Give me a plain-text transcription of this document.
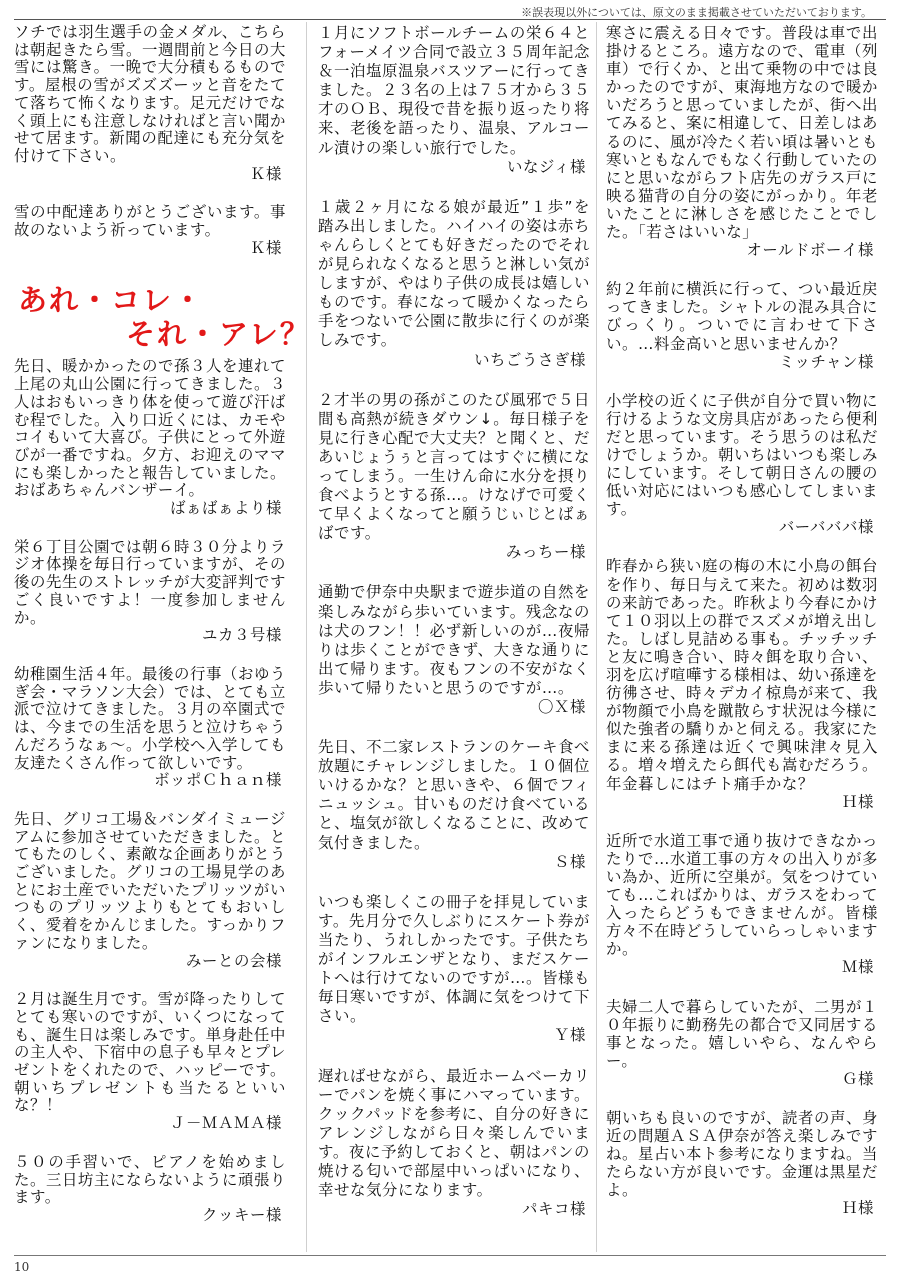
※誤表現以外については、原文のまま掲載させていただいております。
ソチでは羽生選手の金メダル、こちらは朝起きたら雪。一週間前と今日の大雪には驚き。一晩で大分積もるものです。屋根の雪がズズズーッと音をたてて落ちて怖くなります。足元だけでなく頭上にも注意しなければと言い聞かせて居ます。新聞の配達にも充分気を付けて下さい。
Ｋ様
雪の中配達ありがとうございます。事故のないよう祈っています。
Ｋ様
あれ・コレ・
それ・アレ？
先日、暖かかったので孫３人を連れて上尾の丸山公園に行ってきました。３人はおもいっきり体を使って遊び汗ばむ程でした。入り口近くには、カモやコイもいて大喜び。子供にとって外遊びが一番ですね。夕方、お迎えのママにも楽しかったと報告していました。おばあちゃんバンザーイ。
ばぁばぁより様
栄６丁目公園では朝６時３０分よりラジオ体操を毎日行っていますが、その後の先生のストレッチが大変評判ですごく良いですよ！一度参加しませんか。
ユカ３号様
幼稚園生活４年。最後の行事（おゆうぎ会・マラソン大会）では、とても立派で泣けてきました。３月の卒園式では、今までの生活を思うと泣けちゃうんだろうなぁ～。小学校へ入学しても友達たくさん作って欲しいです。
ボッポＣｈａｎ様
先日、グリコ工場＆バンダイミュージアムに参加させていただきました。とてもたのしく、素敵な企画ありがとうございました。グリコの工場見学のあとにお土産でいただいたプリッツがいつものプリッツよりもとてもおいしく、愛着をかんじました。すっかりファンになりました。
みーとの会様
２月は誕生月です。雪が降ったりしてとても寒いのですが、いくつになっても、誕生日は楽しみです。単身赴任中の主人や、下宿中の息子も早々とプレゼントをくれたので、ハッピーです。朝いちプレゼントも当たるといいな？！
Ｊ－ＭＡＭＡ様
５０の手習いで、ピアノを始めました。三日坊主にならないように頑張ります。
クッキー様
１月にソフトボールチームの栄６４とフォーメイツ合同で設立３５周年記念＆一泊塩原温泉バスツアーに行ってきました。２３名の上は７５才から３５才のＯＢ、現役で昔を振り返ったり将来、老後を語ったり、温泉、アルコール漬けの楽しい旅行でした。
いなジィ様
１歳２ヶ月になる娘が最近”１歩”を踏み出しました。ハイハイの姿は赤ちゃんらしくとても好きだったのでそれが見られなくなると思うと淋しい気がしますが、やはり子供の成長は嬉しいものです。春になって暖かくなったら手をつないで公園に散歩に行くのが楽しみです。
いちごうさぎ様
２才半の男の孫がこのたび風邪で５日間も高熱が続きダウン↓。毎日様子を見に行き心配で大丈夫？と聞くと、だあいじょうぅと言ってはすぐに横になってしまう。一生けん命に水分を摂り食べようとする孫…。けなげで可愛くて早くよくなってと願うじぃじとばぁばです。
みっちー様
通勤で伊奈中央駅まで遊歩道の自然を楽しみながら歩いています。残念なのは犬のフン！！必ず新しいのが…夜帰りは歩くことができず、大きな通りに出て帰ります。夜もフンの不安がなく歩いて帰りたいと思うのですが…。
〇Ｘ様
先日、不二家レストランのケーキ食べ放題にチャレンジしました。１０個位いけるかな？と思いきや、６個でフィニュッシュ。甘いものだけ食べていると、塩気が欲しくなることに、改めて気付きました。
Ｓ様
いつも楽しくこの冊子を拝見しています。先月分で久しぶりにスケート券が当たり、うれしかったです。子供たちがインフルエンザとなり、まだスケートへは行けてないのですが…。皆様も毎日寒いですが、体調に気をつけて下さい。
Ｙ様
遅ればせながら、最近ホームベーカリーでパンを焼く事にハマっています。クックパッドを参考に、自分の好きにアレンジしながら日々楽しんでいます。夜に予約しておくと、朝はパンの焼ける匂いで部屋中いっぱいになり、幸せな気分になります。
パキコ様
寒さに震える日々です。普段は車で出掛けるところ。遠方なので、電車（列車）で行くか、と出て乗物の中では良かったのですが、東海地方なので暖かいだろうと思っていましたが、街へ出てみると、案に相違して、日差しはあるのに、風が冷たく若い頃は暑いとも寒いともなんでもなく行動していたのにと思いながらフト店先のガラス戸に映る猫背の自分の姿にがっかり。年老いたことに淋しさを感じたことでした。「若さはいいな」
オールドボーイ様
約２年前に横浜に行って、つい最近戻ってきました。シャトルの混み具合にびっくり。ついでに言わせて下さい。…料金高いと思いませんか？
ミッチャン様
小学校の近くに子供が自分で買い物に行けるような文房具店があったら便利だと思っています。そう思うのは私だけでしょうか。朝いちはいつも楽しみにしています。そして朝日さんの腰の低い対応にはいつも感心してしまいます。
バーバババ様
昨春から狭い庭の梅の木に小鳥の餌台を作り、毎日与えて来た。初めは数羽の来訪であった。昨秋より今春にかけて１０羽以上の群でスズメが増え出した。しばし見詰める事も。チッチッチと友に鳴き合い、時々餌を取り合い、羽を広げ喧嘩する様相は、幼い孫達を彷彿させ、時々デカイ椋鳥が来て、我が物顔で小鳥を蹴散らす状況は今様に似た強者の驕りかと伺える。我家にたまに来る孫達は近くで興味津々見入る。増々増えたら餌代も嵩むだろう。年金暮しにはチト痛手かな？
Ｈ様
近所で水道工事で通り抜けできなかったりで…水道工事の方々の出入りが多い為か、近所に空巣が。気をつけていても…こればかりは、ガラスをわって入ったらどうもできませんが。皆様方々不在時どうしていらっしゃいますか。
Ｍ様
夫婦二人で暮らしていたが、二男が１０年振りに勤務先の都合で又同居する事となった。嬉しいやら、なんやらー。
Ｇ様
朝いちも良いのですが、読者の声、身近の問題ＡＳＡ伊奈が答え楽しみですね。星占い本ト参考になりますね。当たらない方が良いです。金運は黒星だよ。
Ｈ様
10
